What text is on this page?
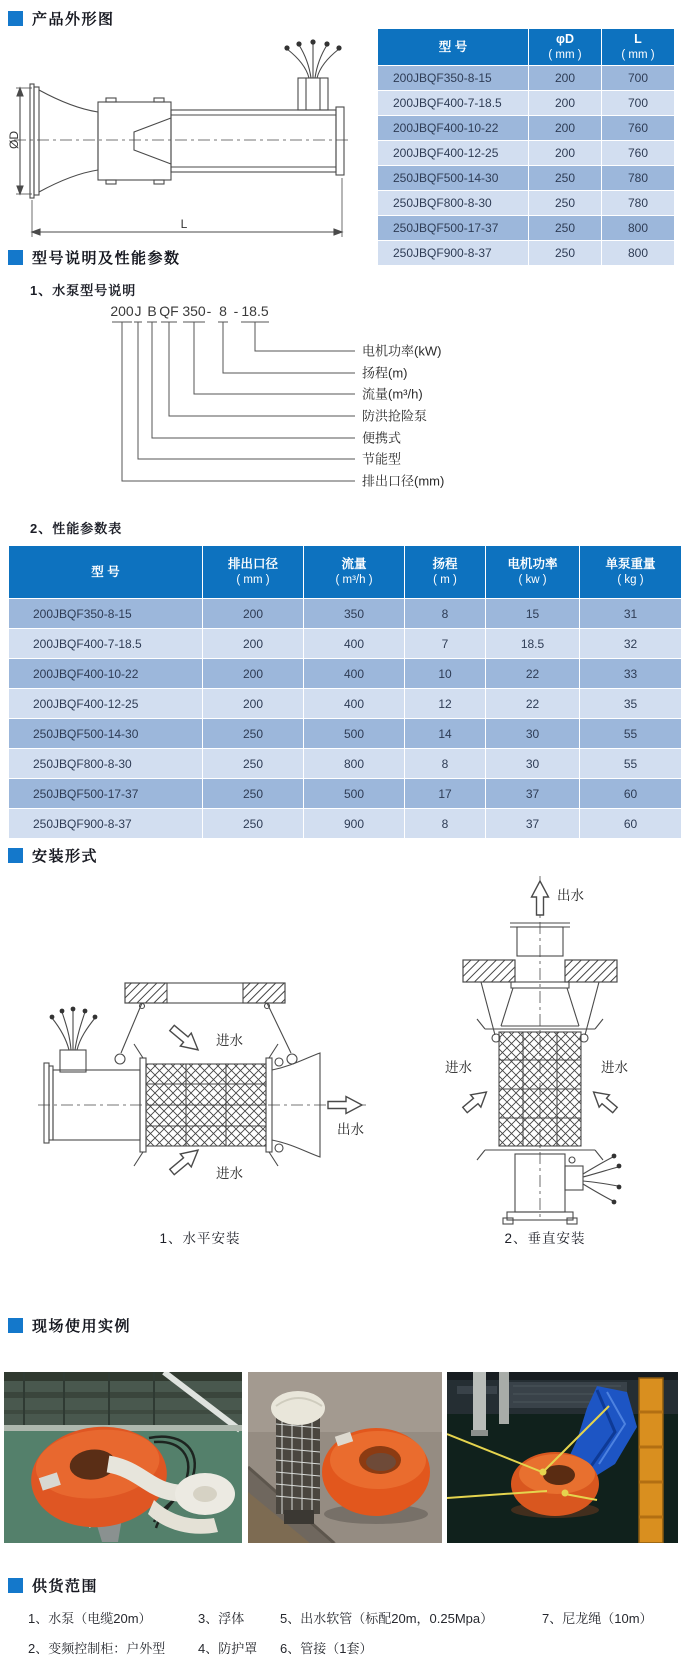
产品外形图
ØD
L
型 号

φD
( mm )

L
( mm )

200JBQF350-8-15	200	700
200JBQF400-7-18.5	200	700
200JBQF400-10-22	200	760
200JBQF400-12-25	200	760
250JBQF500-14-30	250	780
250JBQF800-8-30	250	780
250JBQF500-17-37	250	800
250JBQF900-8-37	250	800
型号说明及性能参数
1、水泵型号说明
200 J B QF 350 - 8 - 18.5
电机功率(kW)
扬程(m)
流量(m³/h)
防洪抢险泵
便携式
节能型
排出口径(mm)
2、性能参数表
型 号

排出口径
( mm )

流量
( m³/h )

扬程
( m )

电机功率
( kw )

单泵重量
( kg )

200JBQF350-8-15	200	350	8	15	31
200JBQF400-7-18.5	200	400	7	18.5	32
200JBQF400-10-22	200	400	10	22	33
200JBQF400-12-25	200	400	12	22	35
250JBQF500-14-30	250	500	14	30	55
250JBQF800-8-30	250	800	8	30	55
250JBQF500-17-37	250	500	17	37	60
250JBQF900-8-37	250	900	8	37	60
安装形式
进水
进水
出水
出水
进水	进水
1、水平安装	2、垂直安装
现场使用实例
供货范围
1、水泵（电缆20m）	3、浮体	5、出水软管（标配20m，0.25Mpa）	7、尼龙绳（10m）
2、变频控制柜：户外型	4、防护罩	6、管接（1套）
